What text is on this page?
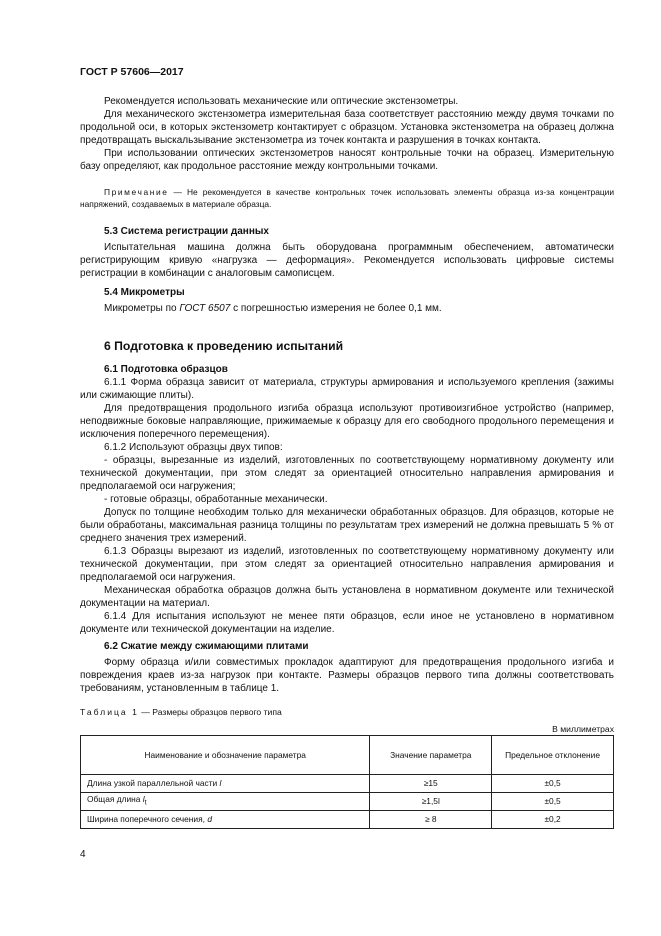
ГОСТ Р 57606—2017

Рекомендуется использовать механические или оптические экстензометры.

Для механического экстензометра измерительная база соответствует расстоянию между двумя точками по продольной оси, в которых экстензометр контактирует с образцом. Установка экстензометра на образец должна предотвращать выскальзывание экстензометра из точек контакта и разрушения в точках контакта.

При использовании оптических экстензометров наносят контрольные точки на образец. Измерительную базу определяют, как продольное расстояние между контрольными точками.

Примечание — Не рекомендуется в качестве контрольных точек использовать элементы образца из-за концентрации напряжений, создаваемых в материале образца.

5.3 Система регистрации данных

Испытательная машина должна быть оборудована программным обеспечением, автоматически регистрирующим кривую «нагрузка — деформация». Рекомендуется использовать цифровые системы регистрации в комбинации с аналоговым самописцем.

5.4 Микрометры

Микрометры по ГОСТ 6507 с погрешностью измерения не более 0,1 мм.

6 Подготовка к проведению испытаний

6.1 Подготовка образцов

6.1.1 Форма образца зависит от материала, структуры армирования и используемого крепления (зажимы или сжимающие плиты).

Для предотвращения продольного изгиба образца используют противоизгибное устройство (например, неподвижные боковые направляющие, прижимаемые к образцу для его свободного продольного перемещения и исключения поперечного перемещения).

6.1.2 Используют образцы двух типов:

- образцы, вырезанные из изделий, изготовленных по соответствующему нормативному документу или технической документации, при этом следят за ориентацией относительно направления армирования и предполагаемой оси нагружения;

- готовые образцы, обработанные механически.

Допуск по толщине необходим только для механически обработанных образцов. Для образцов, которые не были обработаны, максимальная разница толщины по результатам трех измерений не должна превышать 5 % от среднего значения трех измерений.

6.1.3 Образцы вырезают из изделий, изготовленных по соответствующему нормативному документу или технической документации, при этом следят за ориентацией относительно направления армирования и предполагаемой оси нагружения.

Механическая обработка образцов должна быть установлена в нормативном документе или технической документации на материал.

6.1.4 Для испытания используют не менее пяти образцов, если иное не установлено в нормативном документе или технической документации на изделие.

6.2 Сжатие между сжимающими плитами

Форму образца и/или совместимых прокладок адаптируют для предотвращения продольного изгиба и повреждения краев из-за нагрузок при контакте. Размеры образцов первого типа должны соответствовать требованиям, установленным в таблице 1.

Таблица 1 — Размеры образцов первого типа
В миллиметрах
Наименование и обозначение параметра	Значение параметра	Предельное отклонение
Длина узкой параллельной части l	≥15	±0,5
Общая длина $l_t$	≥1,5l	±0,5
Ширина поперечного сечения, d	≥ 8	±0,2
4
